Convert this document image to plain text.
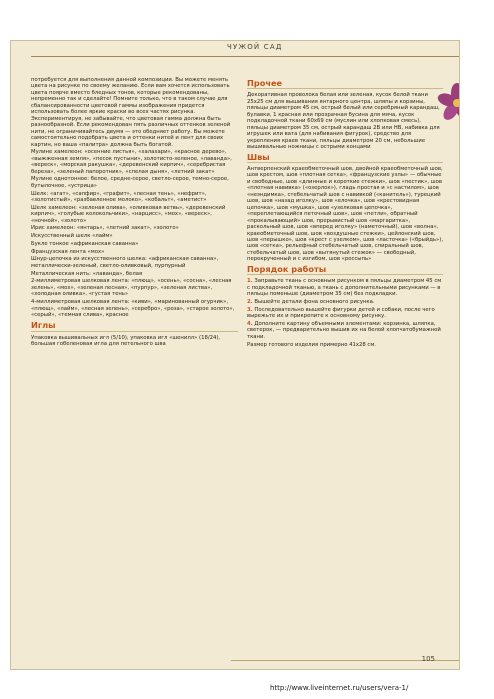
ЧУЖОЙ САД

потребуется для выполнения данной композиции. Вы можете менять цвета на рисунке по своему желанию. Если вам хочется использовать цвета поярче вместо бледных тонов, которые рекомендованы, непременно так и сделайте! Помните только, что в таком случае для сбалансированности цветовой гаммы изображения придется использовать более яркие краски во всех частях рисунка. Экспериментируя, не забывайте, что цветовая гамма должна быть разнообразной. Если рекомендован пять различных оттенков зеленой нити, не ограничивайтесь двумя — это обедняет работу. Вы можете самостоятельно подобрать цвета и оттенки нитей и лент для своих картин, но ваша «палитра» должна быть богатой.

Мулине хамелеон: «осенние листья», «халахари», «красное дерево», «выжженная земля», «песок пустыни», золотисто-зеленое, «лаванда», «вереск», «морская ракушка», «деревенский кирпич», «серебристая береза», «зеленый папоротник», «спелая дыня», «летний закат»

Мулине однотонное: белое, средне-серое, светло-серое, темно-серое, бутылочное, «устрица»

Шелк: «агат», «сапфир», «графит», «лесная тень», «нефрит», «золотистый», «разбавленное молоко», «кобальт», «аметист»

Шелк хамелеон: «зеленая олива», «оливковая ветвь», «деревенский кирпич», «голубые колокольчики», «нарцисс», «мох», «вереск», «ночной», «золото»

Ирис хамелеон: «янтарь», «летний закат», «золото»

Искусственный шелк «лайм»

Букле тонкое «африканская саванна»

Французская лента «мох»

Шнур-цепочка из искусственного шелка: «африканская саванна», металлически-зеленый, светло-оливковый, пурпурный

Металлическая нить: «лаванда», белая

2-миллиметровая шелковая лента: «плющ», «осень», «сосна», «лесная зелень», «мох», «зеленая лесная», «пурпур», «зеленая листва», «холодная оливка», «густая тень»

4-миллиметровая шелковая лента: «киви», «маринованный огурчик», «плющ», «лайм», «лесная зелень», «серебро», «роза», «старое золото», «серый», «темная слива», красное

Иглы

Упаковка вышивальных игл (5/10), упаковка игл «шенилл» (18/24), большая гобеленовая игла для петельного шва

Прочее

Декоративная проволока белая или зеленая, кусок белой ткани 25x25 см для вышивания янтарного центра, шляпы и корзины, пяльцы диаметром 45 см, острый белый или серебряный карандаш, булавки, 1 красная или прозрачная бусина для мяча, кусок подкладочной ткани 60x69 см (муслин или хлопковая смесь), пяльцы диаметром 35 см, острый карандаш 2В или НВ, набивка для игрушек или вата (для набивания фигурок), средство для укрепления краев ткани, пяльцы диаметром 20 см, небольшие вышивальные ножницы с острыми концами

Швы

Антверпенский краеобметочный шов, двойной краеобметочный шов, шов крестом, шов «плотная сетка», «французские узлы» — обычные и свободные, шов «длинные и короткие стежки», шов «пестик», шов «плотная навивка» («озерлок»), гладь простая и «с настилом», шов «неэндимка», стебельчатый шов с навивкой («канитель»), турецкий шов, шов «назад иголку», шов «елочка», шов «крестовидная цепочка», шов «мушка», шов «узелковая цепочка», «переплетающийся петочный шов», шов «петли», обратный «прокалывающий» шов, прерывистый шов «маргаритка», раскольный шов, шов «вперед иголку» (наметочный), шов «волна», краеобметочный шов, шов «воздушные стежки», цейлонский шов, шов «перышко», шов «крест с узелком», шов «ласточка» («брыйдь»), шов «сетка», рельефный стебельчатый шов, спиральный шов, стебельчатый шов, шов «вытянутый стежок» — свободный, перекрученный и с изгибом, шов «россыпь»

Порядок работы

1. Заправьте ткань с основным рисунком в пяльцы диаметром 45 см с подкладочной тканью, а ткань с дополнительными рисунками — в пяльцы поменьше (диаметром 35 см) без подкладки.

2. Вышейте детали фона основного рисунка.

3. Последовательно вышейте фигурки детей и собаки, после чего вырежьте их и прикрепите к основному рисунку.

4. Дополните картину объемными элементами: корзинка, шляпка, светерок, — предварительно вышив их на белой хлопчатобумажной ткани.

Размер готового изделия примерно 41x28 см.

105
http://www.liveinternet.ru/users/vera-1/
